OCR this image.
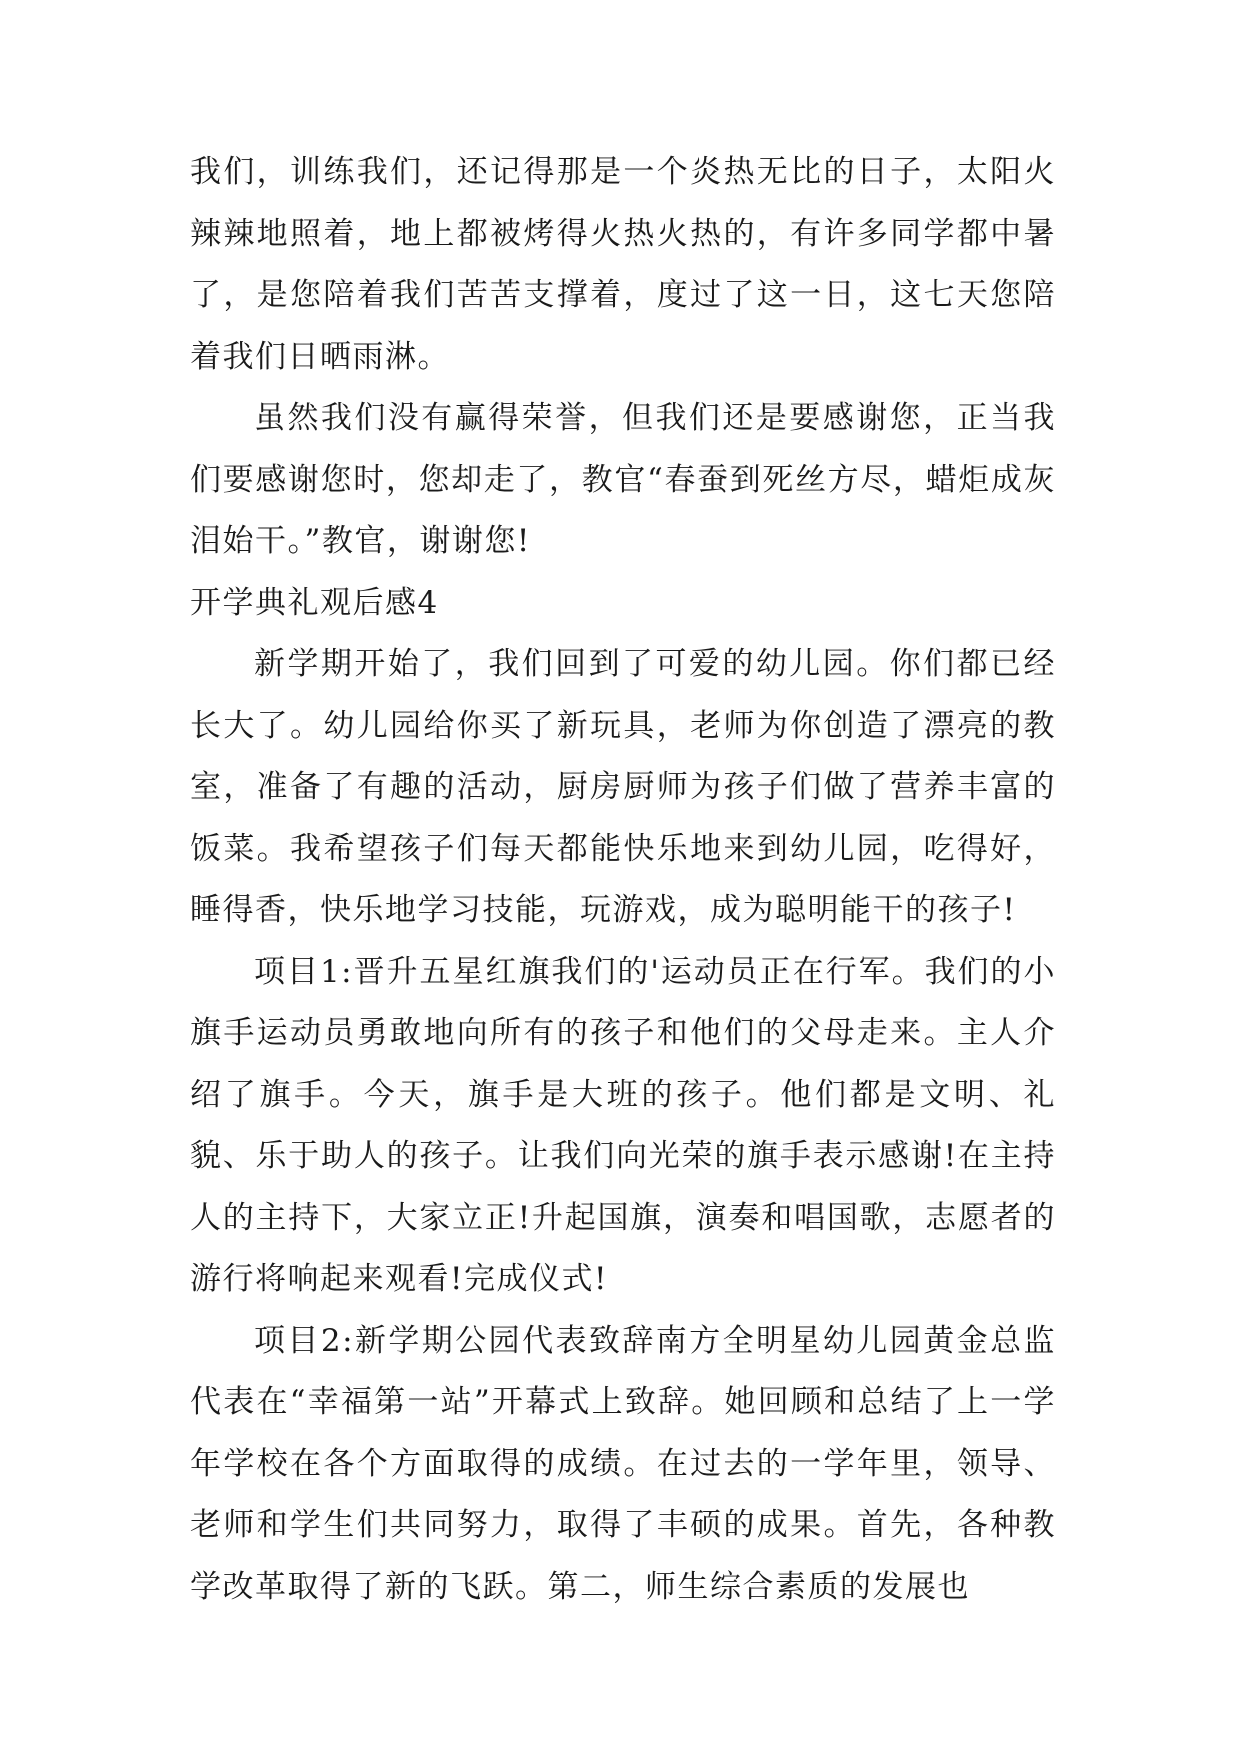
我们，训练我们，还记得那是一个炎热无比的日子，太阳火辣辣地照着，地上都被烤得火热火热的，有许多同学都中暑了，是您陪着我们苦苦支撑着，度过了这一日，这七天您陪着我们日晒雨淋。

虽然我们没有赢得荣誉，但我们还是要感谢您，正当我们要感谢您时，您却走了，教官“春蚕到死丝方尽，蜡炬成灰泪始干。”教官，谢谢您!

开学典礼观后感4

新学期开始了，我们回到了可爱的幼儿园。你们都已经长大了。幼儿园给你买了新玩具，老师为你创造了漂亮的教室，准备了有趣的活动，厨房厨师为孩子们做了营养丰富的饭菜。我希望孩子们每天都能快乐地来到幼儿园，吃得好，睡得香，快乐地学习技能，玩游戏，成为聪明能干的孩子!

项目1:晋升五星红旗我们的'运动员正在行军。我们的小旗手运动员勇敢地向所有的孩子和他们的父母走来。主人介绍了旗手。今天，旗手是大班的孩子。他们都是文明、礼貌、乐于助人的孩子。让我们向光荣的旗手表示感谢!在主持人的主持下，大家立正!升起国旗，演奏和唱国歌，志愿者的游行将响起来观看!完成仪式!

项目2:新学期公园代表致辞南方全明星幼儿园黄金总监代表在“幸福第一站”开幕式上致辞。她回顾和总结了上一学年学校在各个方面取得的成绩。在过去的一学年里，领导、老师和学生们共同努力，取得了丰硕的成果。首先，各种教学改革取得了新的飞跃。第二，师生综合素质的发展也
